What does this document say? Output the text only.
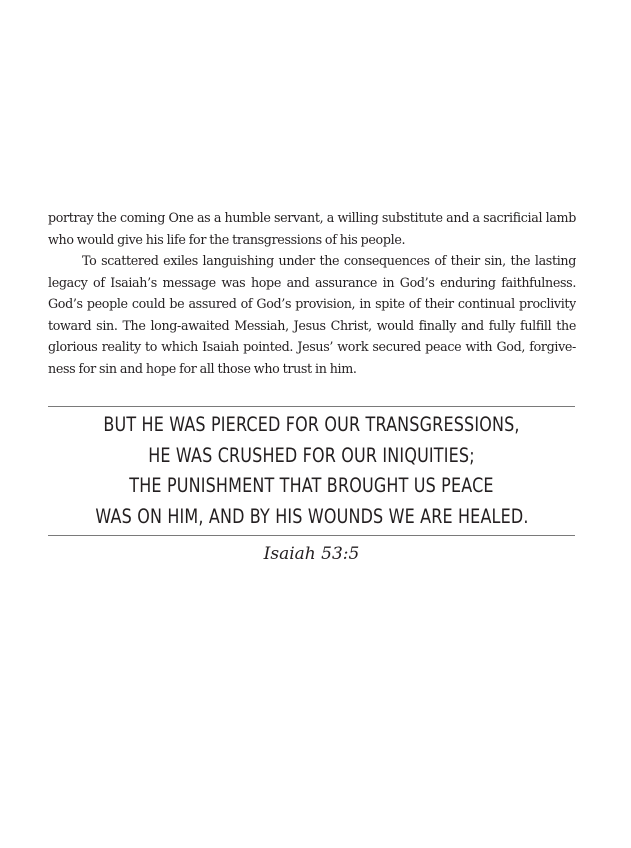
portray the coming One as a humble servant, a willing substitute and a sacrificial lamb
who would give his life for the transgressions of his people.
To scattered exiles languishing under the consequences of their sin, the lasting
legacy of Isaiah’s message was hope and assurance in God’s enduring faithfulness.
God’s people could be assured of God’s provision, in spite of their continual proclivity
toward sin. The long-awaited Messiah, Jesus Christ, would finally and fully fulfill the
glorious reality to which Isaiah pointed. Jesus’ work secured peace with God, forgive-
ness for sin and hope for all those who trust in him.
BUT HE WAS PIERCED FOR OUR TRANSGRESSIONS,
HE WAS CRUSHED FOR OUR INIQUITIES;
THE PUNISHMENT THAT BROUGHT US PEACE
WAS ON HIM, AND BY HIS WOUNDS WE ARE HEALED.
Isaiah 53:5
